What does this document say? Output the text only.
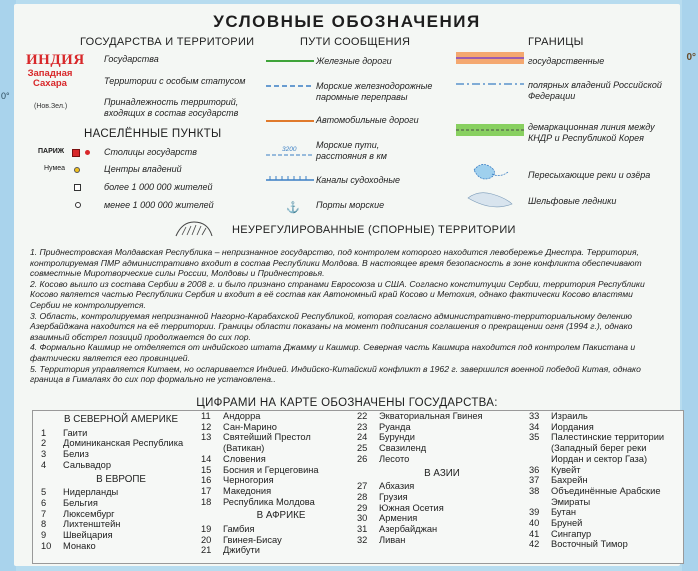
0°
УСЛОВНЫЕ ОБОЗНАЧЕНИЯ
ГОСУДАРСТВА И ТЕРРИТОРИИ	ПУТИ СООБЩЕНИЯ	ГРАНИЦЫ
НАСЕЛЁННЫЕ ПУНКТЫ
ИНДИЯ
Западная
Сахара
(Нов.Зел.)
Государства
Территории с особым статусом
Принадлежность территорий, входящих в состав государств
ПАРИЖ
Нумеа
Столицы государств
Центры владений
более 1 000 000 жителей
менее 1 000 000 жителей	⚓
3200
Железные дороги
Морские железнодорожные паромные переправы
Автомобильные дороги
Морские пути, расстояния в км
Каналы судоходные
Порты морские
государственные
полярных владений Российской Федерации
демаркационная линия между КНДР и Республикой Корея
Пересыхающие реки и озёра
Шельфовые ледники
НЕУРЕГУЛИРОВАННЫЕ (СПОРНЫЕ) ТЕРРИТОРИИ

1. Приднестровская Молдавская Республика – непризнанное государство, под контролем которого находится левобережье Днестра. Территория, контролируемая ПМР административно входит в состав Республики Молдова. В настоящее время безопасность в зоне конфликта обеспечивают совместные Миротворческие силы России, Молдовы и Приднестровья.

2. Косово вышло из состава Сербии в 2008 г. и было признано странами Евросоюза и США. Согласно конституции Сербии, территория Республики Косово является частью Республики Сербия и входит в её состав как Автономный край Косово и Метохия, однако фактически Косово властями Сербии не контролируется.

3. Область, контролируемая непризнанной Нагорно-Карабахской Республикой, которая согласно административно-территориальному делению Азербайджана находится на её территории. Границы области показаны на момент подписания соглашения о прекращении огня (1994 г.), однако взаимный обстрел позиций продолжается до сих пор.

4. Формально Кашмир не отделяется от индийского штата Джамму и Кашмир. Северная часть Кашмира находится под контролем Пакистана и фактически является его провинцией.

5. Территория управляется Китаем, но оспаривается Индией. Индийско-Китайский конфликт в 1962 г. завершился военной победой Китая, однако граница в Гималаях до сих пор формально не установлена..

ЦИФРАМИ НА КАРТЕ ОБОЗНАЧЕНЫ ГОСУДАРСТВА:
В СЕВЕРНОЙ АМЕРИКЕ
1	Гаити
2	Доминиканская Республика
3	Белиз
4	Сальвадор
В ЕВРОПЕ
5	Нидерланды
6	Бельгия
7	Люксембург
8	Лихтенштейн
9	Швейцария
10	Монако
11	Андорра
12	Сан-Марино
13	Святейший Престол
(Ватикан)
14	Словения
15	Босния и Герцеговина
16	Черногория
17	Македония
18	Республика Молдова
В АФРИКЕ
19	Гамбия
20	Гвинея-Бисау
21	Джибути
22	Экваториальная Гвинея
23	Руанда
24	Бурунди
25	Свазиленд
26	Лесото
В АЗИИ
27	Абхазия
28	Грузия
29	Южная Осетия
30	Армения
31	Азербайджан
32	Ливан
33	Израиль
34	Иордания
35	Палестинские территории
(Западный берег реки
Иордан и сектор Газа)
36	Кувейт
37	Бахрейн
38	Объединённые Арабские
Эмираты
39	Бутан
40	Бруней
41	Сингапур
42	Восточный Тимор
0°
